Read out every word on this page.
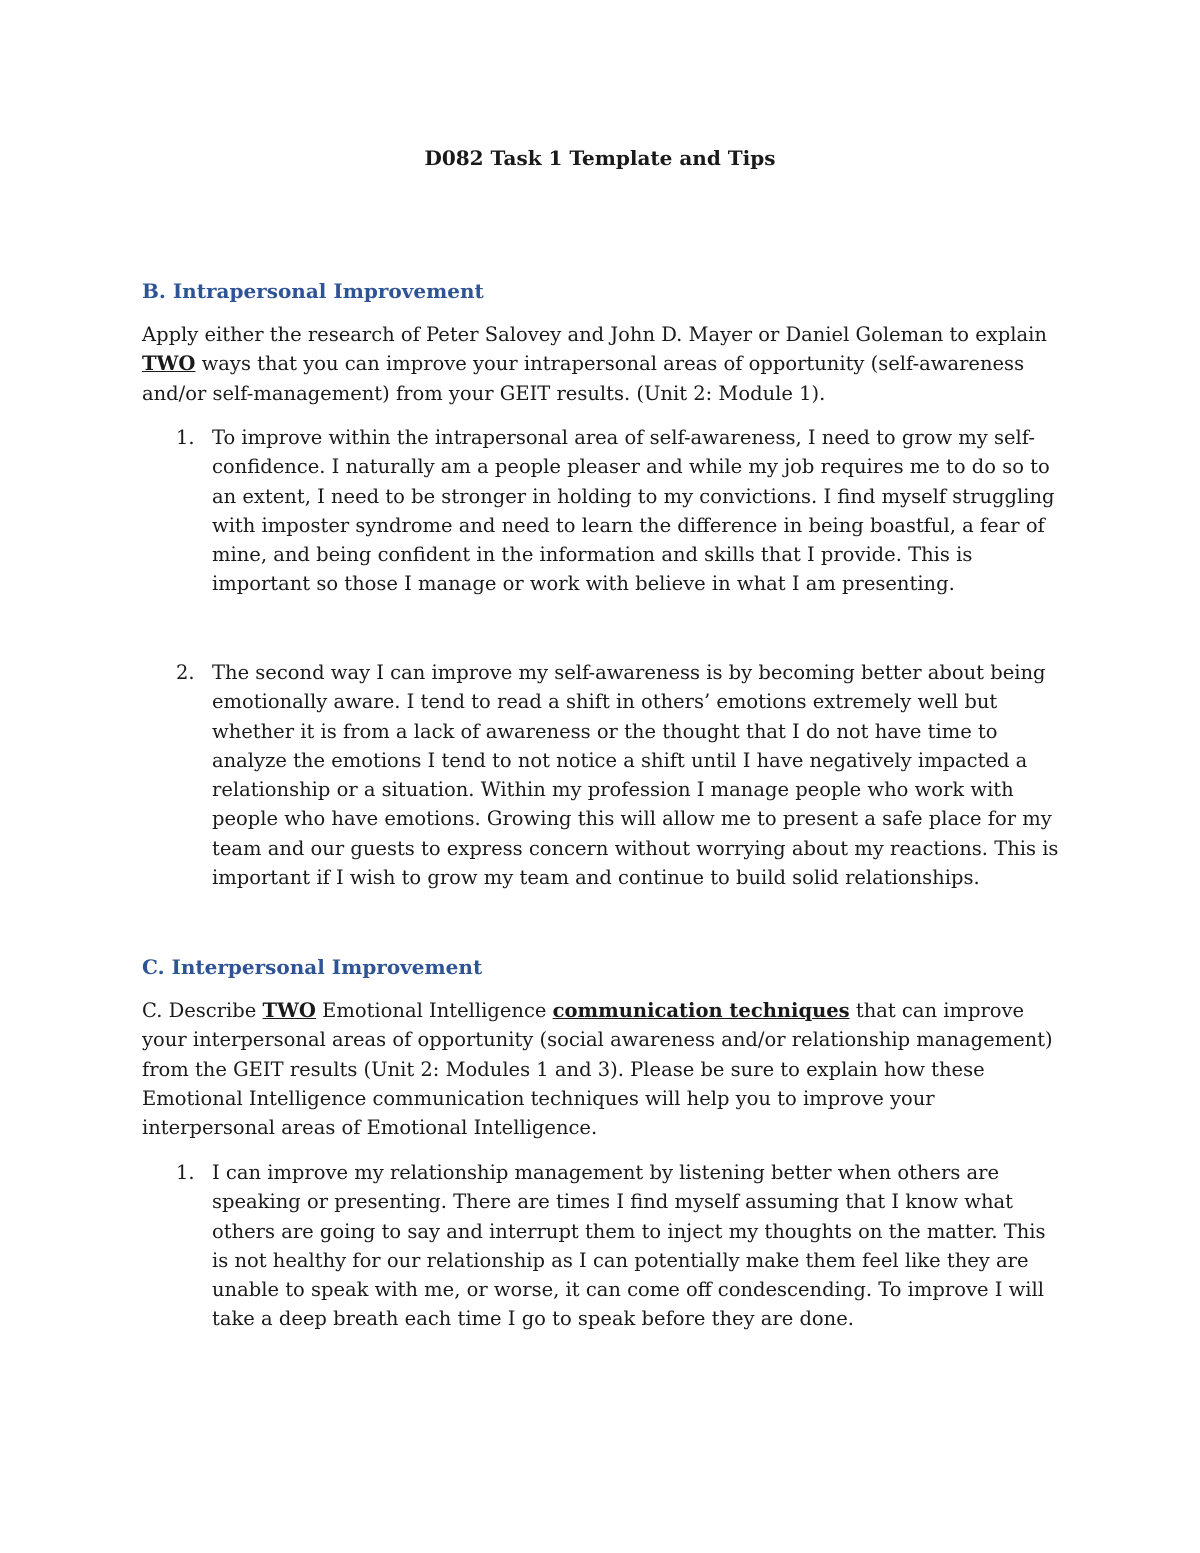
D082 Task 1 Template and Tips
B. Intrapersonal Improvement
Apply either the research of Peter Salovey and John D. Mayer or Daniel Goleman to explain
TWO ways that you can improve your intrapersonal areas of opportunity (self-awareness and/or self-management) from your GEIT results. (Unit 2: Module 1).
1. To improve within the intrapersonal area of self-awareness, I need to grow my self-confidence. I naturally am a people pleaser and while my job requires me to do so to an extent, I need to be stronger in holding to my convictions. I find myself struggling with imposter syndrome and need to learn the difference in being boastful, a fear of mine, and being confident in the information and skills that I provide. This is important so those I manage or work with believe in what I am presenting.
2. The second way I can improve my self-awareness is by becoming better about being emotionally aware. I tend to read a shift in others’ emotions extremely well but whether it is from a lack of awareness or the thought that I do not have time to analyze the emotions I tend to not notice a shift until I have negatively impacted a relationship or a situation. Within my profession I manage people who work with people who have emotions. Growing this will allow me to present a safe place for my team and our guests to express concern without worrying about my reactions. This is important if I wish to grow my team and continue to build solid relationships.
C. Interpersonal Improvement
C. Describe TWO Emotional Intelligence communication techniques that can improve your interpersonal areas of opportunity (social awareness and/or relationship management) from the GEIT results (Unit 2: Modules 1 and 3). Please be sure to explain how these Emotional Intelligence communication techniques will help you to improve your interpersonal areas of Emotional Intelligence.
1. I can improve my relationship management by listening better when others are speaking or presenting. There are times I find myself assuming that I know what others are going to say and interrupt them to inject my thoughts on the matter. This is not healthy for our relationship as I can potentially make them feel like they are unable to speak with me, or worse, it can come off condescending. To improve I will take a deep breath each time I go to speak before they are done.
